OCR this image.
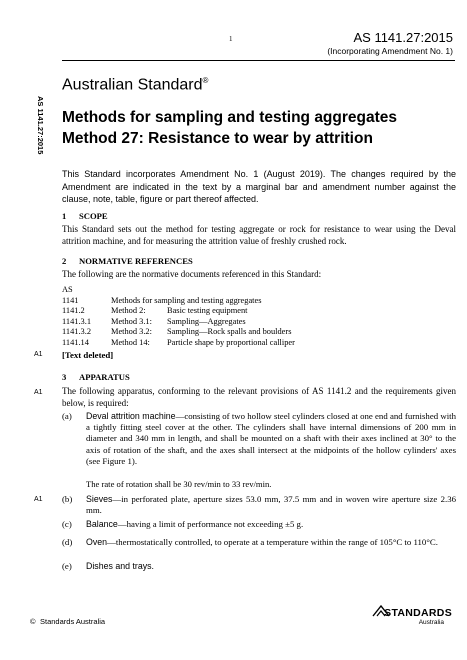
1	AS 1141.27:2015
(Incorporating Amendment No. 1)
Australian Standard®
AS 1141.27:2015 Methods for sampling and testing aggregates
Method 27: Resistance to wear by attrition
This Standard incorporates Amendment No. 1 (August 2019). The changes required by the Amendment are indicated in the text by a marginal bar and amendment number against the clause, note, table, figure or part thereof affected.
1 SCOPE
This Standard sets out the method for testing aggregate or rock for resistance to wear using the Deval attrition machine, and for measuring the attrition value of freshly crushed rock.
2 NORMATIVE REFERENCES
The following are the normative documents referenced in this Standard:
AS
1141	Methods for sampling and testing aggregates
1141.2	Method 2:	Basic testing equipment
1141.3.1 Method 3.1: Sampling—Aggregates
1141.3.2 Method 3.2: Sampling—Rock spalls and boulders
1141.14	Method 14: Particle shape by proportional calliper
A1 [Text deleted]
3 APPARATUS
A1 The following apparatus, conforming to the relevant provisions of AS 1141.2 and the requirements given below, is required:
(a) Deval attrition machine—consisting of two hollow steel cylinders closed at one end and furnished with a tightly fitting steel cover at the other. The cylinders shall have internal dimensions of 200 mm in diameter and 340 mm in length, and shall be mounted on a shaft with their axes inclined at 30° to the axis of rotation of the shaft, and the axes shall intersect at the midpoints of the hollow cylinders' axes (see Figure 1).
The rate of rotation shall be 30 rev/min to 33 rev/min.
A1 (b) Sieves—in perforated plate, aperture sizes 53.0 mm, 37.5 mm and in woven wire aperture size 2.36 mm.
(c) Balance—having a limit of performance not exceeding ±5 g.
(d) Oven—thermostatically controlled, to operate at a temperature within the range of 105°C to 110°C.
(e) Dishes and trays.
© Standards Australia
STANDARDS
Australia
